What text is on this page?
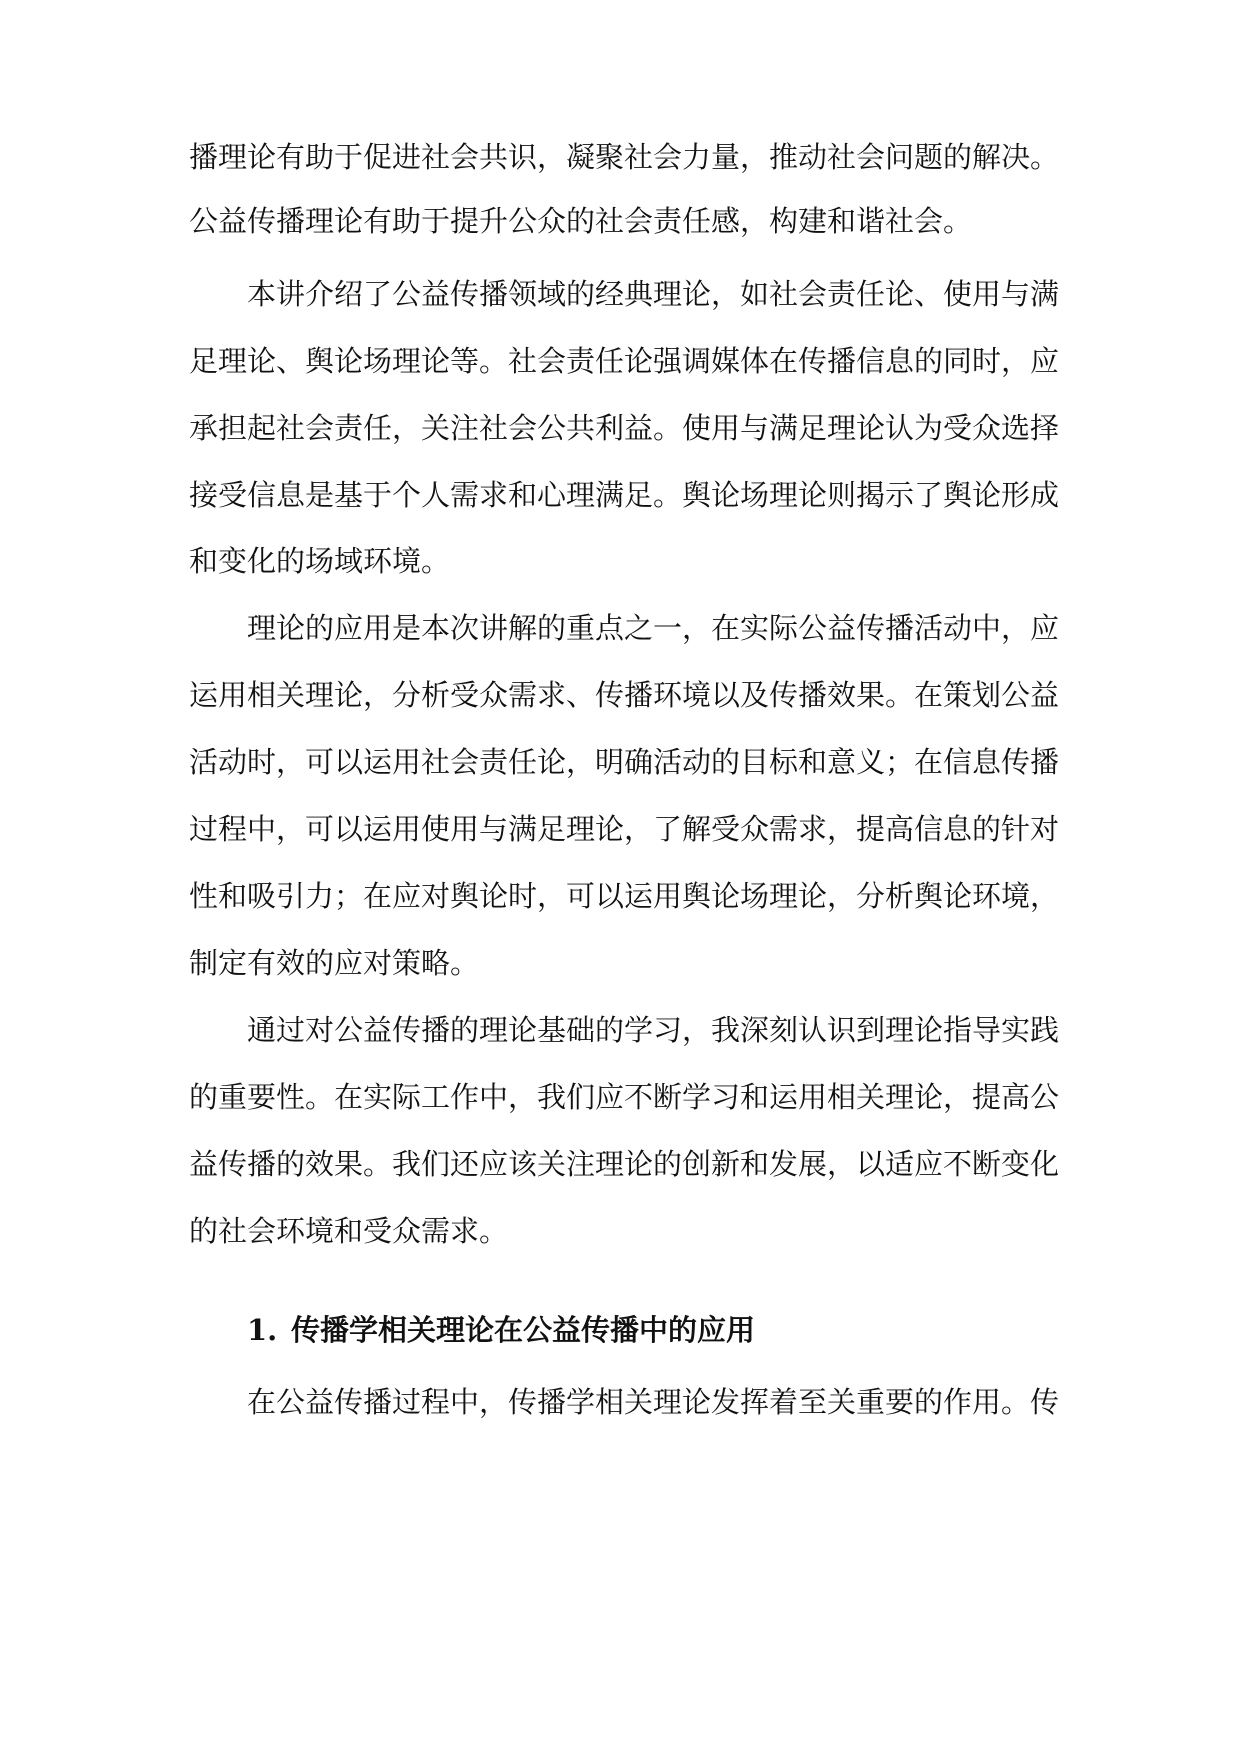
播理论有助于促进社会共识，凝聚社会力量，推动社会问题的解决。
公益传播理论有助于提升公众的社会责任感，构建和谐社会。
本讲介绍了公益传播领域的经典理论，如社会责任论、使用与满
足理论、舆论场理论等。社会责任论强调媒体在传播信息的同时，应
承担起社会责任，关注社会公共利益。使用与满足理论认为受众选择
接受信息是基于个人需求和心理满足。舆论场理论则揭示了舆论形成
和变化的场域环境。
理论的应用是本次讲解的重点之一，在实际公益传播活动中，应
运用相关理论，分析受众需求、传播环境以及传播效果。在策划公益
活动时，可以运用社会责任论，明确活动的目标和意义；在信息传播
过程中，可以运用使用与满足理论，了解受众需求，提高信息的针对
性和吸引力；在应对舆论时，可以运用舆论场理论，分析舆论环境，
制定有效的应对策略。
通过对公益传播的理论基础的学习，我深刻认识到理论指导实践
的重要性。在实际工作中，我们应不断学习和运用相关理论，提高公
益传播的效果。我们还应该关注理论的创新和发展，以适应不断变化
的社会环境和受众需求。
1. 传播学相关理论在公益传播中的应用
在公益传播过程中，传播学相关理论发挥着至关重要的作用。传
